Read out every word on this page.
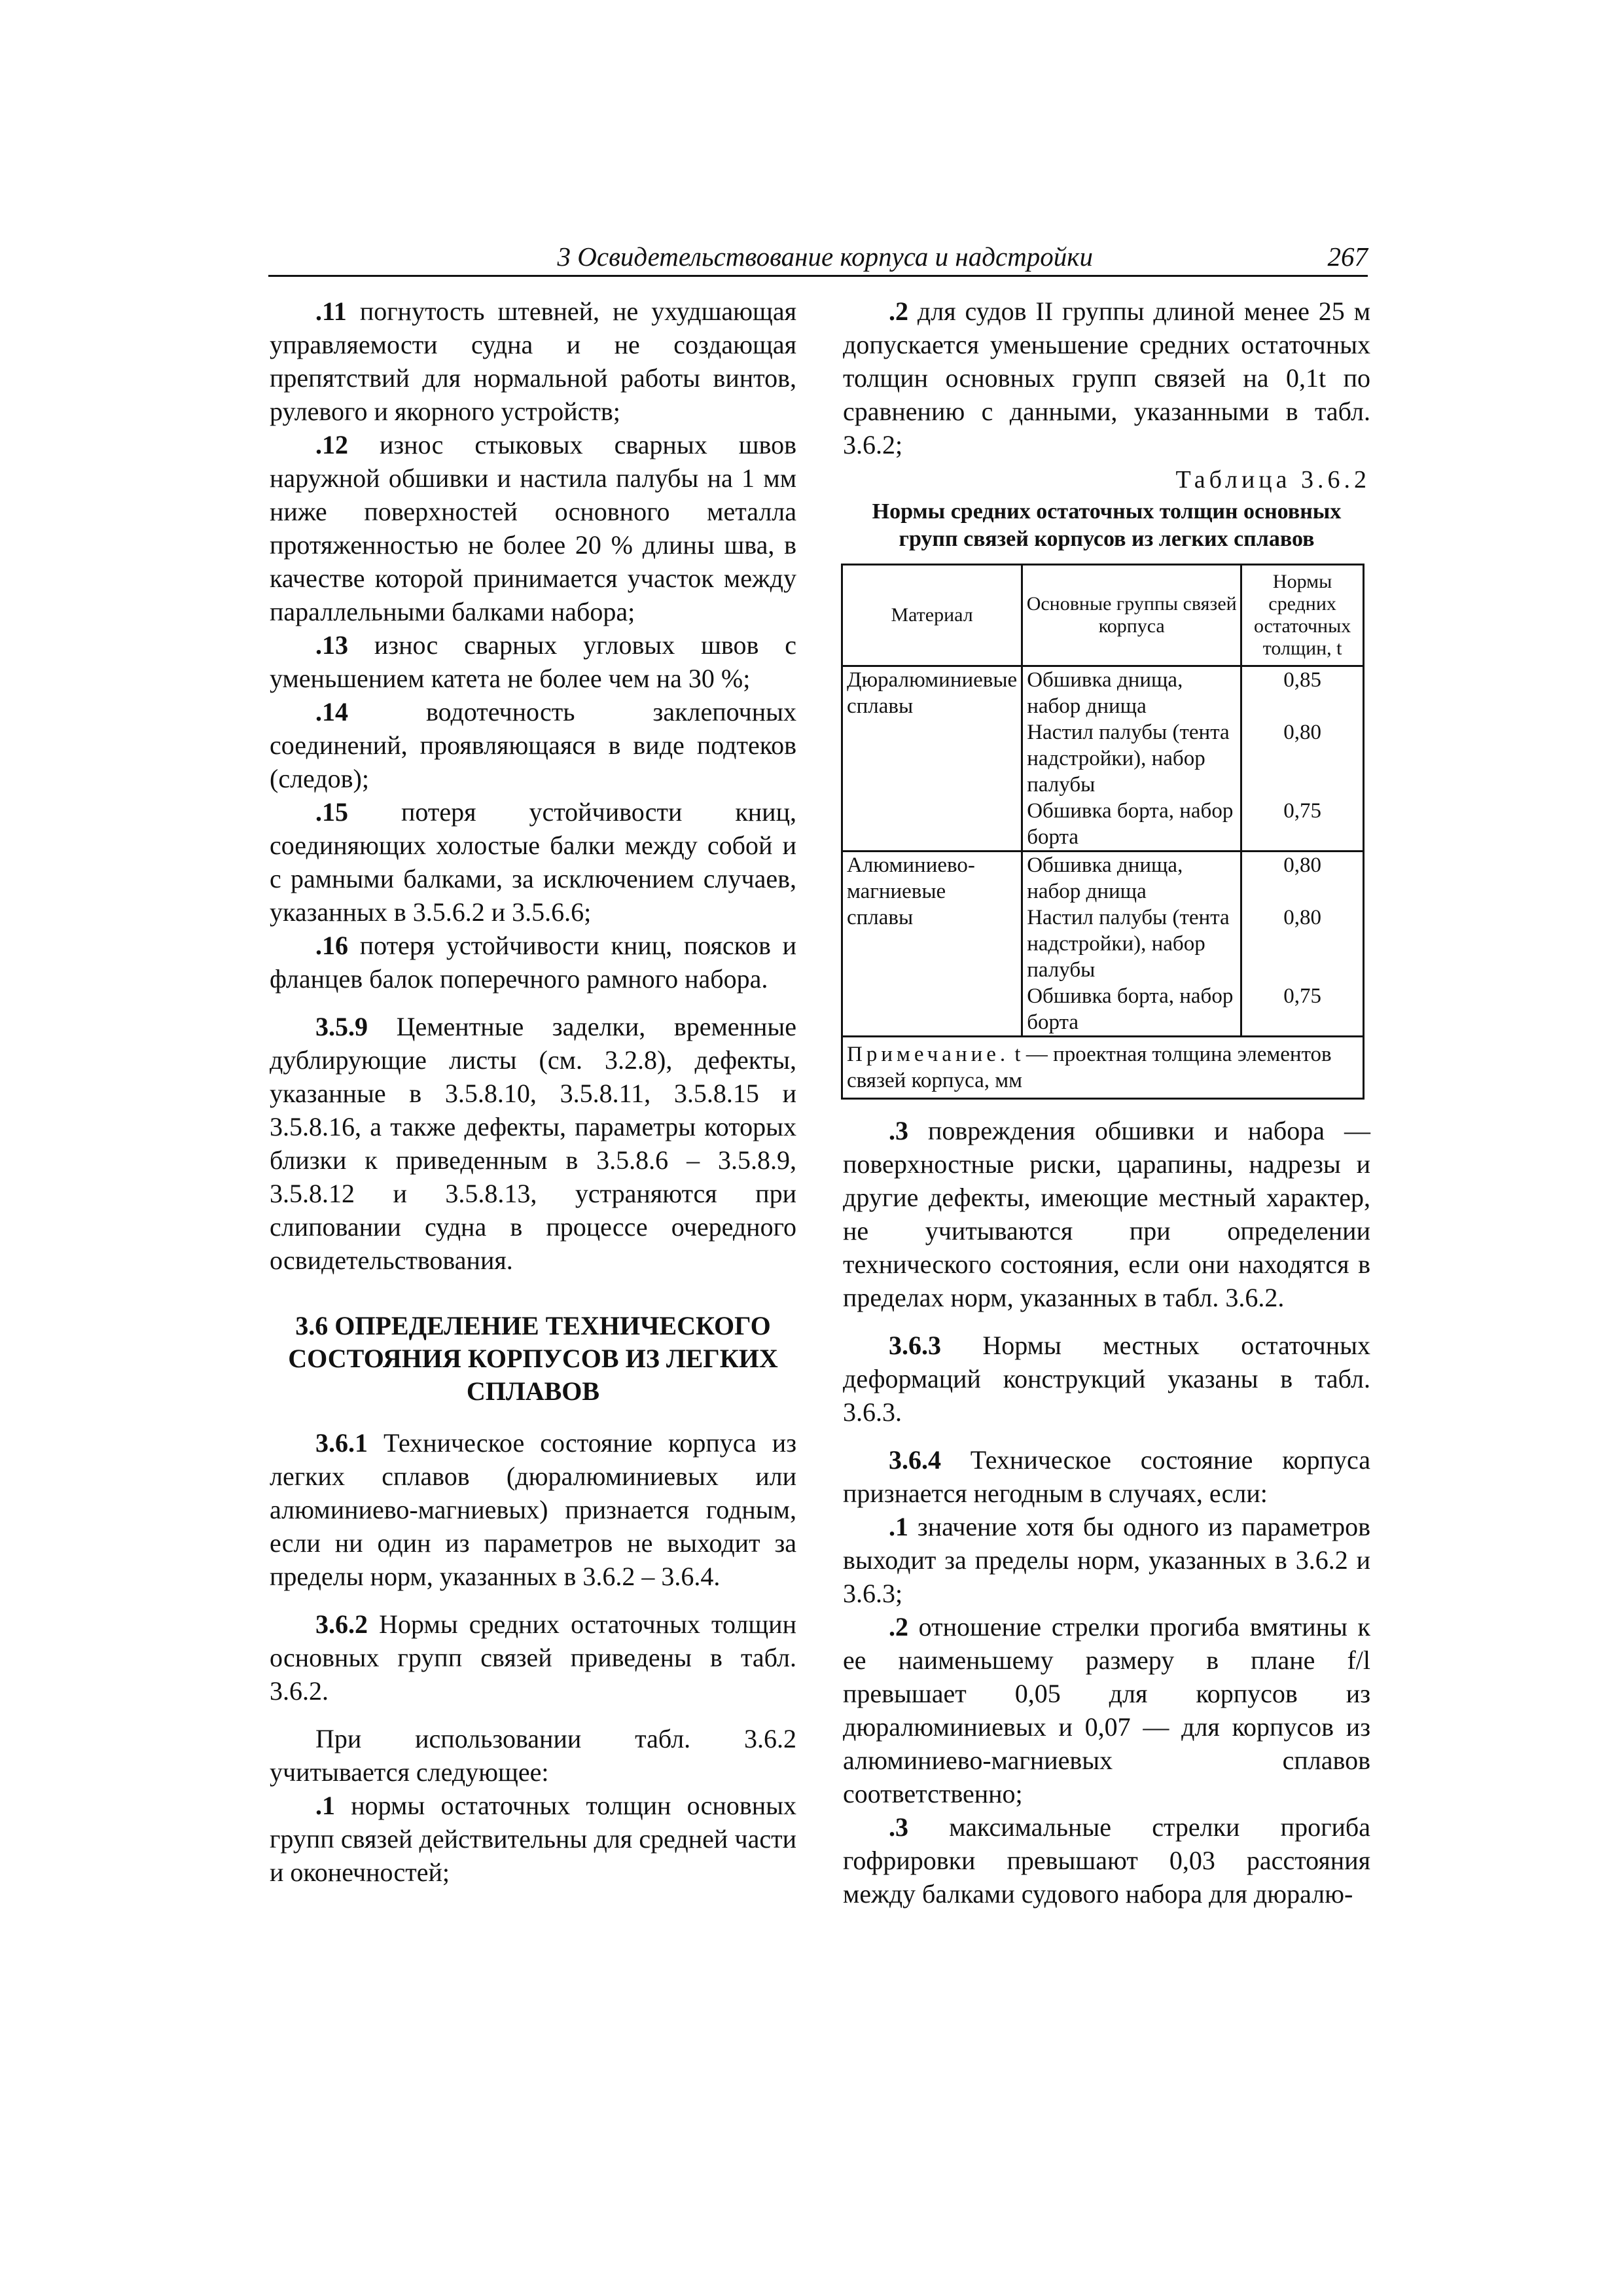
3 Освидетельствование корпуса и надстройки	267

.11 погнутость штевней, не ухудшающая управляемости судна и не создающая препятствий для нормальной работы винтов, рулевого и якорного устройств;

.12 износ стыковых сварных швов наружной обшивки и настила палубы на 1 мм ниже поверхностей основного металла протяженностью не более 20 % длины шва, в качестве которой принимается участок между параллельными балками набора;

.13 износ сварных угловых швов с уменьшением катета не более чем на 30 %;

.14 водотечность заклепочных соединений, проявляющаяся в виде подтеков (следов);

.15 потеря устойчивости книц, соединяющих холостые балки между собой и с рамными балками, за исключением случаев, указанных в 3.5.6.2 и 3.5.6.6;

.16 потеря устойчивости книц, поясков и фланцев балок поперечного рамного набора.

3.5.9 Цементные заделки, временные дублирующие листы (см. 3.2.8), дефекты, указанные в 3.5.8.10, 3.5.8.11, 3.5.8.15 и 3.5.8.16, а также дефекты, параметры которых близки к приведенным в 3.5.8.6 – 3.5.8.9, 3.5.8.12 и 3.5.8.13, устраняются при слиповании судна в процессе очередного освидетельствования.

3.6 ОПРЕДЕЛЕНИЕ ТЕХНИЧЕСКОГО СОСТОЯНИЯ КОРПУСОВ ИЗ ЛЕГКИХ СПЛАВОВ

3.6.1 Техническое состояние корпуса из легких сплавов (дюралюминиевых или алюминиево-магниевых) признается годным, если ни один из параметров не выходит за пределы норм, указанных в 3.6.2 – 3.6.4.

3.6.2 Нормы средних остаточных толщин основных групп связей приведены в табл. 3.6.2.

При использовании табл. 3.6.2 учитывается следующее:

.1 нормы остаточных толщин основных групп связей действительны для средней части и оконечностей;

.2 для судов II группы длиной менее 25 м допускается уменьшение средних остаточных толщин основных групп связей на 0,1t по сравнению с данными, указанными в табл. 3.6.2;

Таблица 3.6.2
Нормы средних остаточных толщин основных групп связей корпусов из легких сплавов
Материал	Основные группы связей корпуса	Нормы средних остаточных толщин, t
Дюралюминиевые сплавы	Обшивка днища, набор днища	0,85
	Настил палубы (тента надстройки), набор палубы	0,80
	Обшивка борта, набор борта	0,75
Алюминиево-магниевые сплавы	Обшивка днища, набор днища	0,80
	Настил палубы (тента надстройки), набор палубы	0,80
	Обшивка борта, набор борта	0,75
Примечание. t — проектная толщина элементов связей корпуса, мм		

.3 повреждения обшивки и набора — поверхностные риски, царапины, надрезы и другие дефекты, имеющие местный характер, не учитываются при определении технического состояния, если они находятся в пределах норм, указанных в табл. 3.6.2.

3.6.3 Нормы местных остаточных деформаций конструкций указаны в табл. 3.6.3.

3.6.4 Техническое состояние корпуса признается негодным в случаях, если:

.1 значение хотя бы одного из параметров выходит за пределы норм, указанных в 3.6.2 и 3.6.3;

.2 отношение стрелки прогиба вмятины к ее наименьшему размеру в плане f/l превышает 0,05 для корпусов из дюралюминиевых и 0,07 — для корпусов из алюминиево-магниевых сплавов соответственно;

.3 максимальные стрелки прогиба гофрировки превышают 0,03 расстояния между балками судового набора для дюралю-
